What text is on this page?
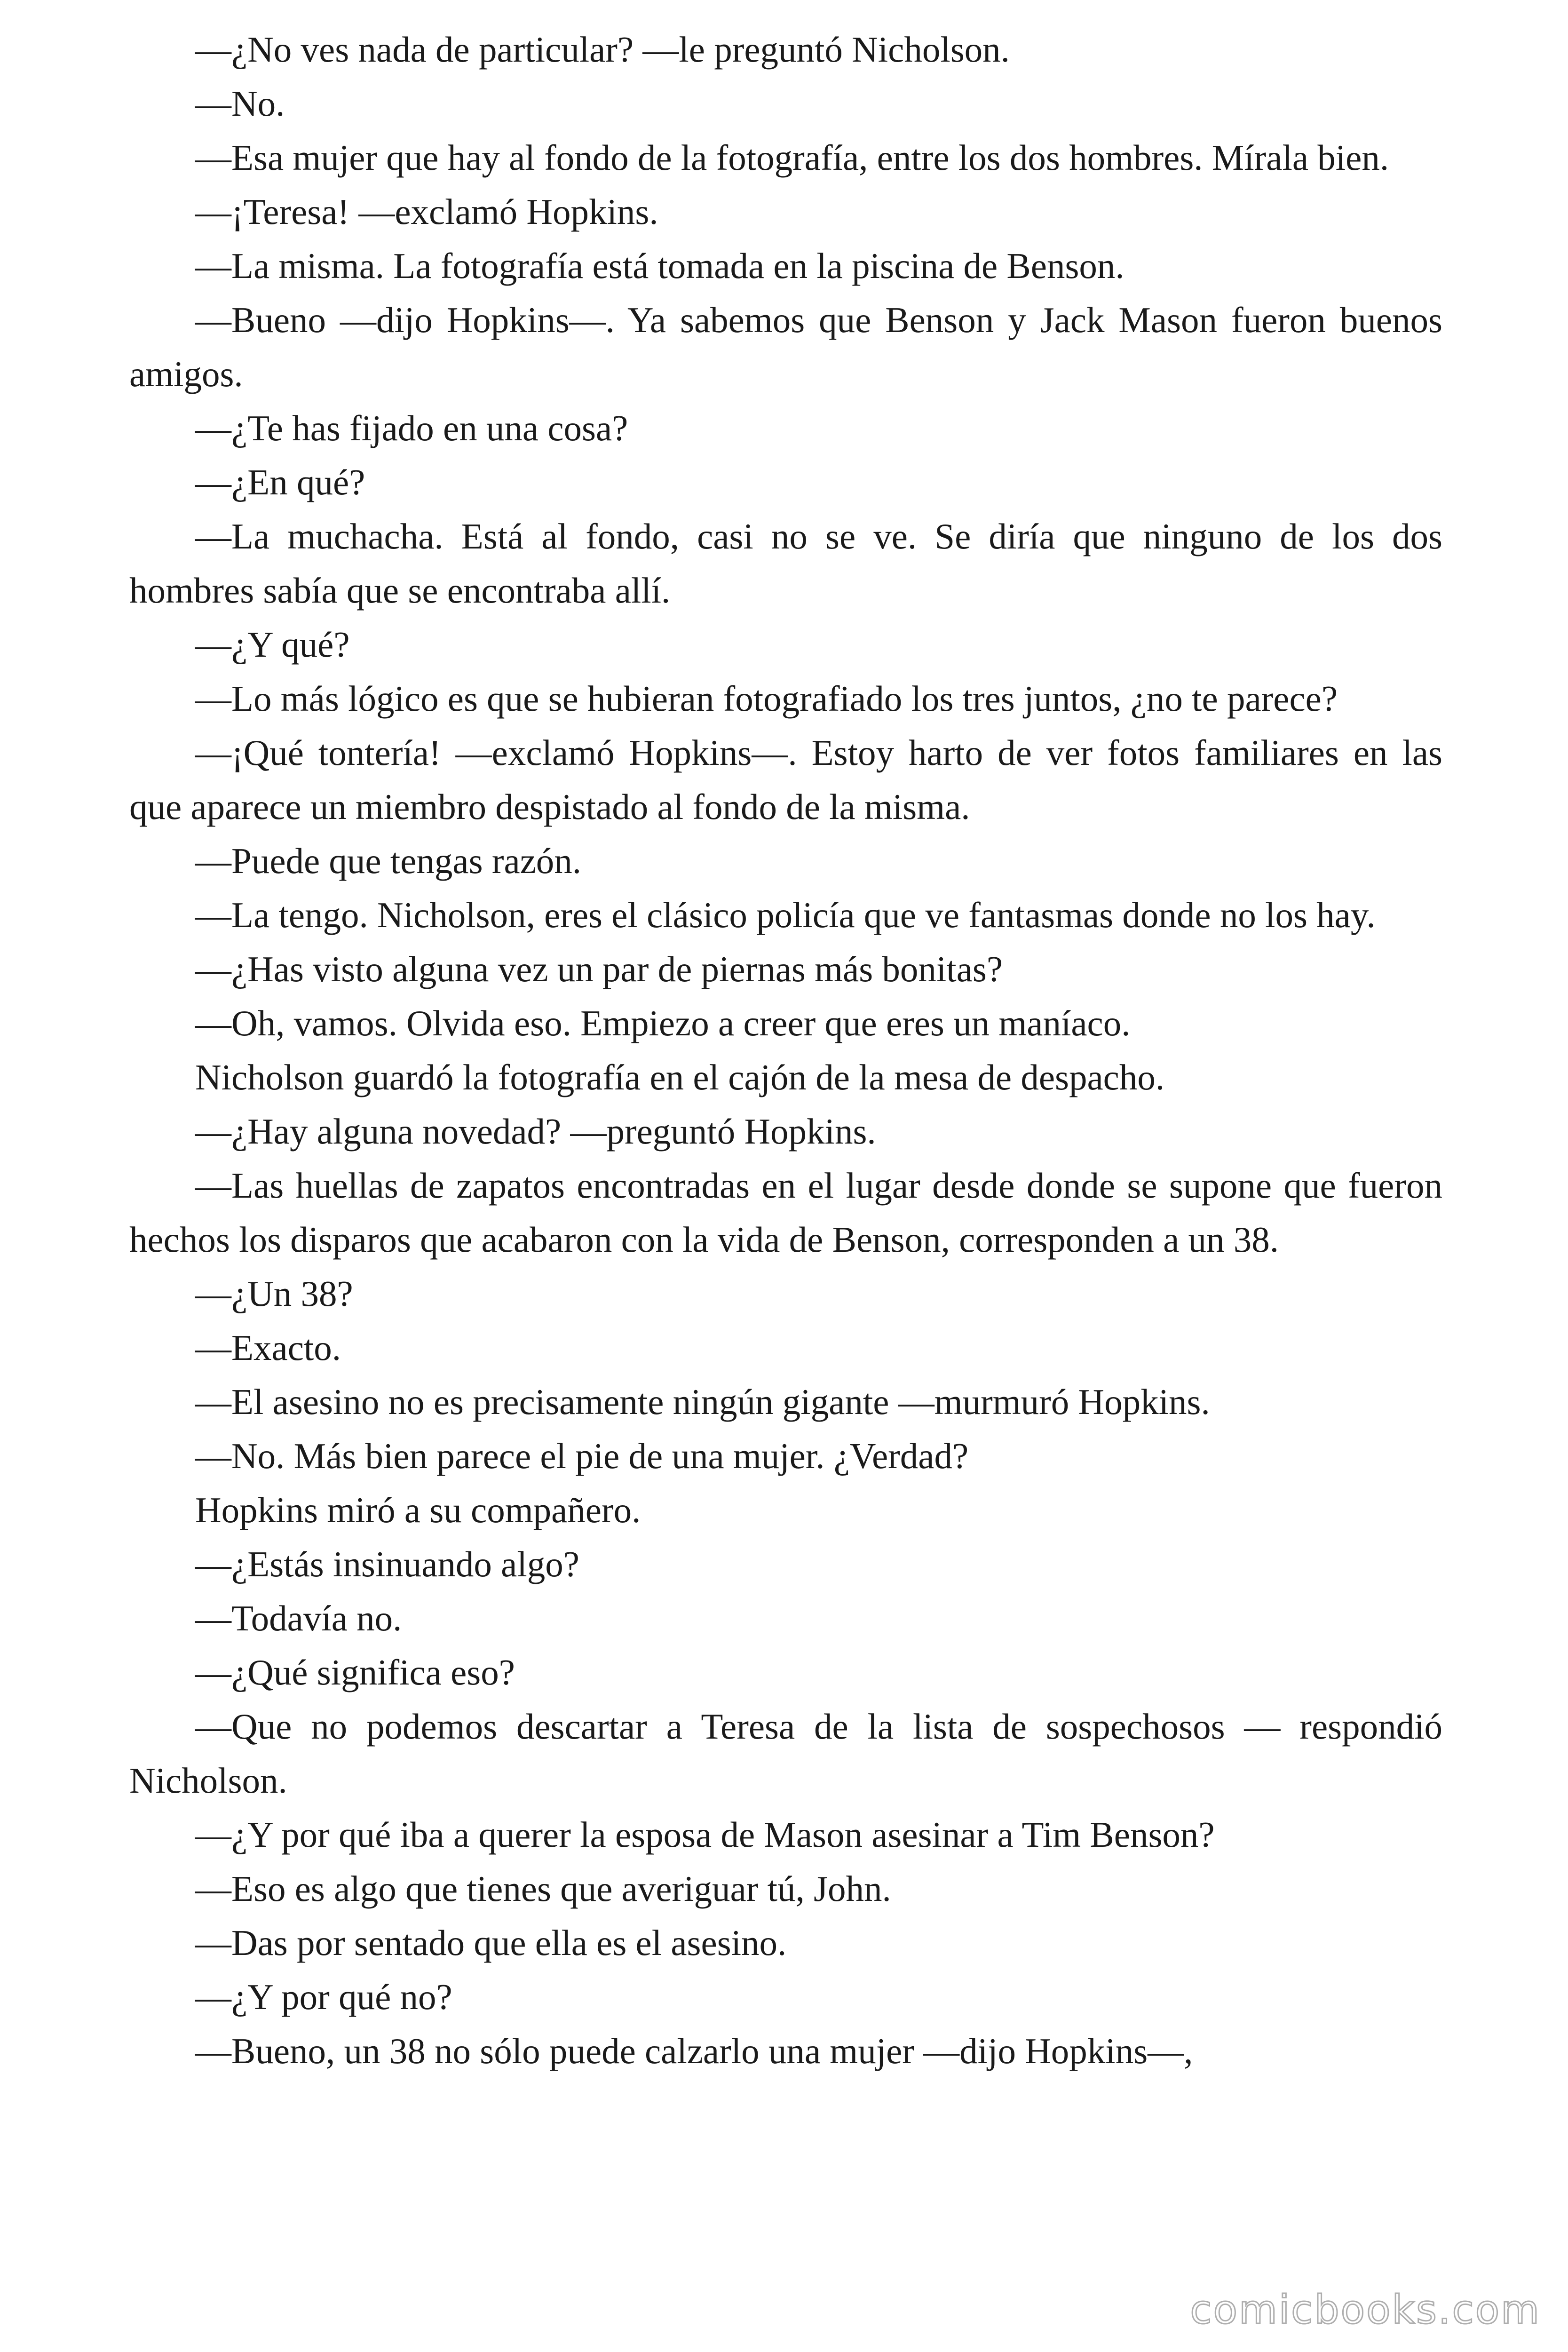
—¿No ves nada de particular? —le preguntó Nicholson.

—No.

—Esa mujer que hay al fondo de la fotografía, entre los dos hombres. Mírala bien.

—¡Teresa! —exclamó Hopkins.

—La misma. La fotografía está tomada en la piscina de Benson.

—Bueno —dijo Hopkins—. Ya sabemos que Benson y Jack Mason fueron buenos amigos.

—¿Te has fijado en una cosa?

—¿En qué?

—La muchacha. Está al fondo, casi no se ve. Se diría que ninguno de los dos hombres sabía que se encontraba allí.

—¿Y qué?

—Lo más lógico es que se hubieran fotografiado los tres juntos, ¿no te parece?

—¡Qué tontería! —exclamó Hopkins—. Estoy harto de ver fotos familiares en las que aparece un miembro despistado al fondo de la misma.

—Puede que tengas razón.

—La tengo. Nicholson, eres el clásico policía que ve fantasmas donde no los hay.

—¿Has visto alguna vez un par de piernas más bonitas?

—Oh, vamos. Olvida eso. Empiezo a creer que eres un maníaco.

Nicholson guardó la fotografía en el cajón de la mesa de despacho.

—¿Hay alguna novedad? —preguntó Hopkins.

—Las huellas de zapatos encontradas en el lugar desde donde se supone que fueron hechos los disparos que acabaron con la vida de Benson, corresponden a un 38.

—¿Un 38?

—Exacto.

—El asesino no es precisamente ningún gigante —murmuró Hopkins.

—No. Más bien parece el pie de una mujer. ¿Verdad?

Hopkins miró a su compañero.

—¿Estás insinuando algo?

—Todavía no.

—¿Qué significa eso?

—Que no podemos descartar a Teresa de la lista de sospechosos — respondió Nicholson.

—¿Y por qué iba a querer la esposa de Mason asesinar a Tim Benson?

—Eso es algo que tienes que averiguar tú, John.

—Das por sentado que ella es el asesino.

—¿Y por qué no?

—Bueno, un 38 no sólo puede calzarlo una mujer —dijo Hopkins—,

comicbooks.com
